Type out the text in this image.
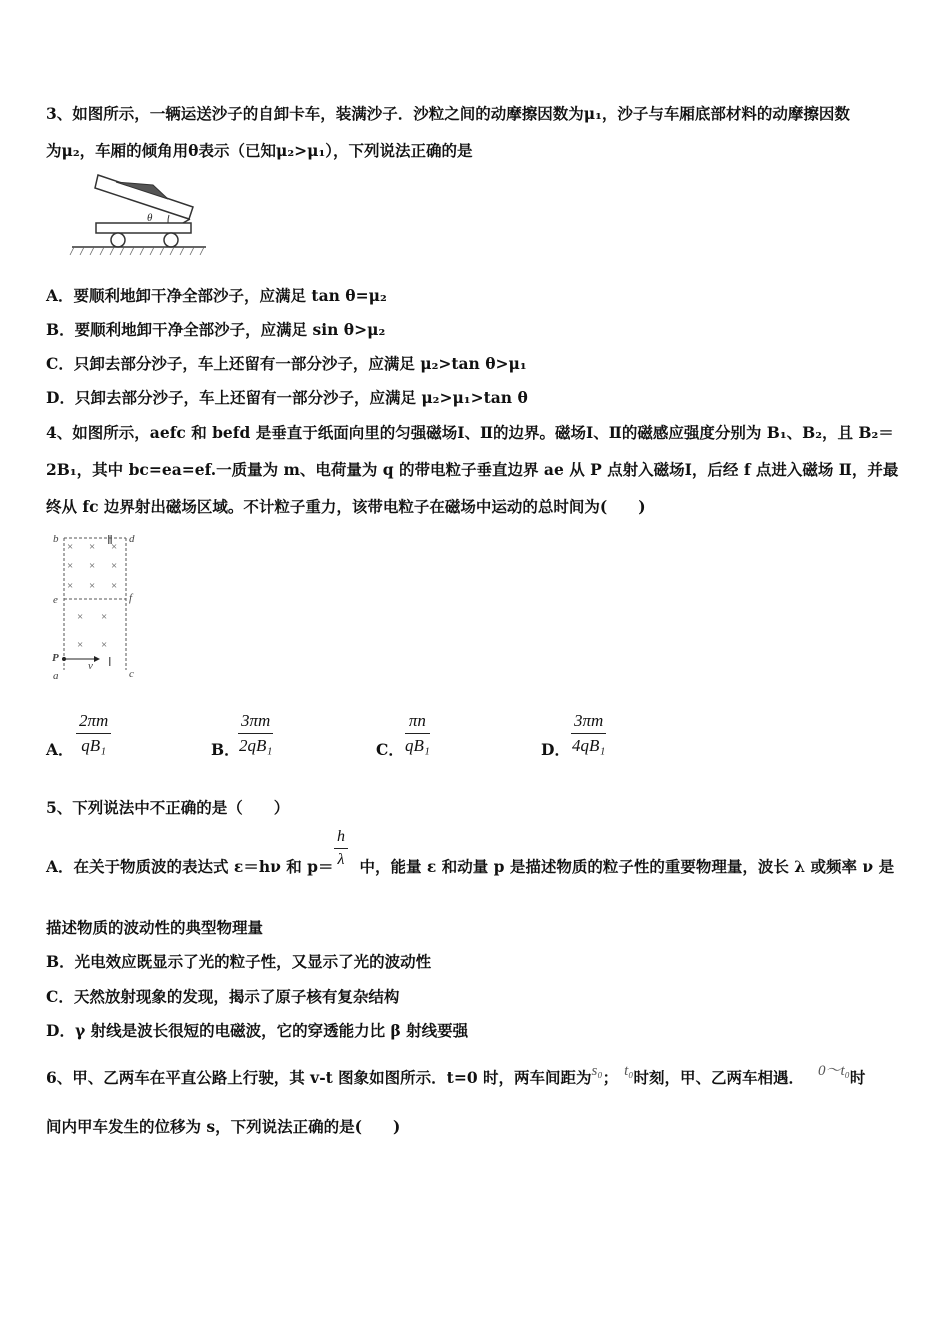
3、如图所示，一辆运送沙子的自卸卡车，装满沙子．沙粒之间的动摩擦因数为μ₁，沙子与车厢底部材料的动摩擦因数
为μ₂，车厢的倾角用θ表示（已知μ₂>μ₁），下列说法正确的是
θ
A．要顺利地卸干净全部沙子，应满足 tan θ=μ₂
B．要顺利地卸干净全部沙子，应满足 sin θ>μ₂
C．只卸去部分沙子，车上还留有一部分沙子，应满足 μ₂>tan θ>μ₁
D．只卸去部分沙子，车上还留有一部分沙子，应满足 μ₂>μ₁>tan θ
4、如图所示，aefc 和 befd 是垂直于纸面向里的匀强磁场Ⅰ、Ⅱ的边界。磁场Ⅰ、Ⅱ的磁感应强度分别为 B₁、B₂，且 B₂＝
2B₁，其中 bc=ea=ef.一质量为 m、电荷量为 q 的带电粒子垂直边界 ae 从 P 点射入磁场Ⅰ，后经 f 点进入磁场 Ⅱ，并最
终从 fc 边界射出磁场区域。不计粒子重力，该带电粒子在磁场中运动的总时间为(　　)
b	Ⅱ d
e	f
P
v Ⅰ
a	c
× × ×
× × ×
× × ×
× ×
× ×
A．
2πm
qB₁	B．
3πm
2qB₁	C．
πn
qB₁	D．
3πm
4qB₁
5、下列说法中不正确的是（　　）
A．在关于物质波的表达式 ε＝hν 和 p＝ 中，能量 ε 和动量 p 是描述物质的粒子性的重要物理量，波长 λ 或频率 ν 是
h
λ
描述物质的波动性的典型物理量
B．光电效应既显示了光的粒子性，又显示了光的波动性
C．天然放射现象的发现，揭示了原子核有复杂结构
D．γ 射线是波长很短的电磁波，它的穿透能力比 β 射线要强
6、甲、乙两车在平直公路上行驶，其 v-t 图象如图所示．t=0 时，两车间距为s₀； t₀时刻，甲、乙两车相遇． 0～t₀时
间内甲车发生的位移为 s，下列说法正确的是(　　)
